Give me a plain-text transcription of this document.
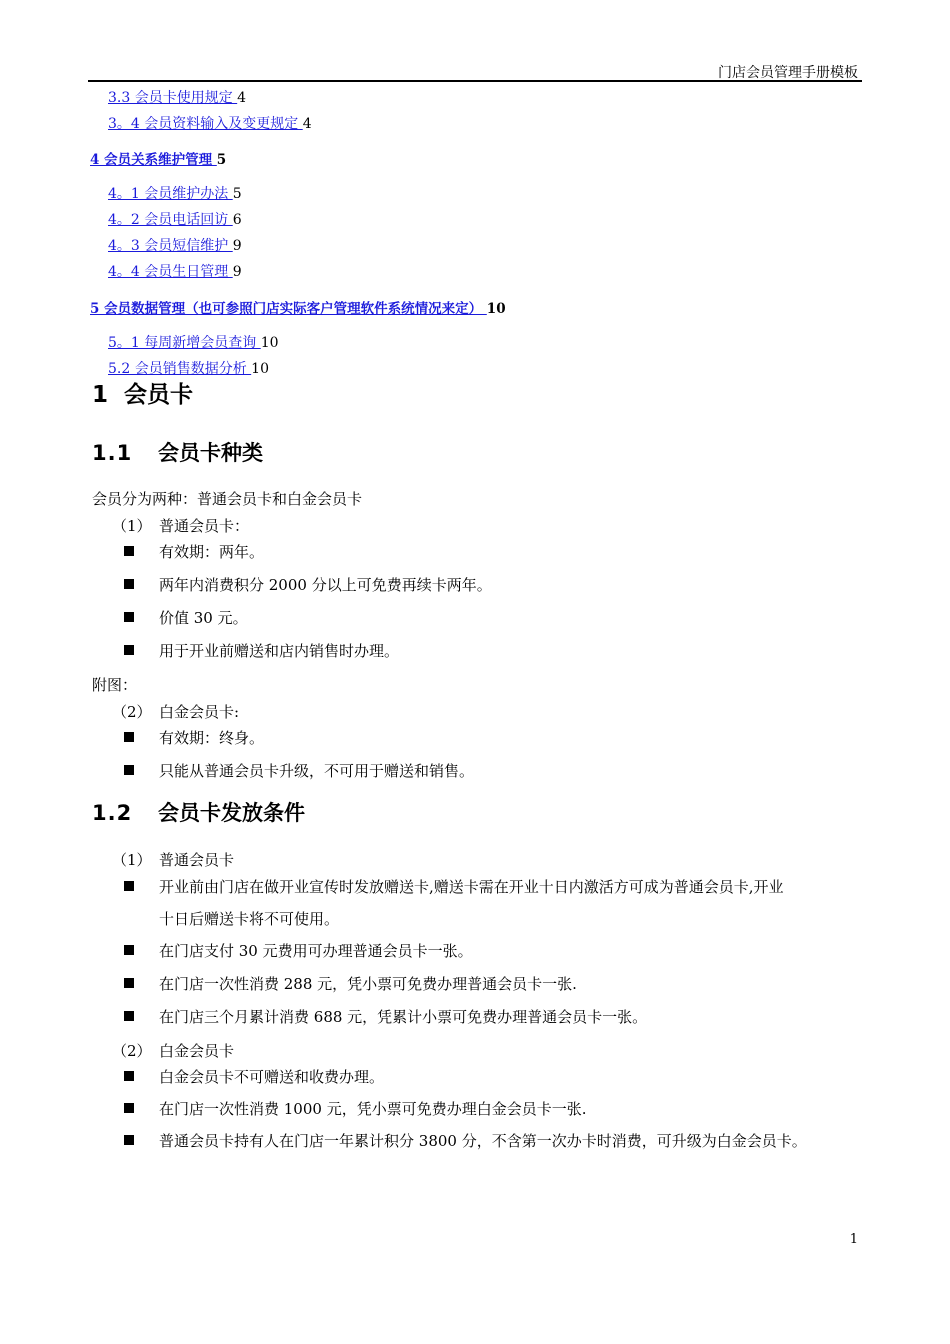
门店会员管理手册模板
3.3 会员卡使用规定 4
3。4 会员资料输入及变更规定 4
4 会员关系维护管理 5
4。1 会员维护办法 5
4。2 会员电话回访 6
4。3 会员短信维护 9
4。4 会员生日管理 9
5 会员数据管理（也可参照门店实际客户管理软件系统情况来定） 10
5。1 每周新增会员查询 10
5.2 会员销售数据分析 10
1 会员卡
1.1 会员卡种类
会员分为两种：普通会员卡和白金会员卡
（1） 普通会员卡：
有效期：两年。
两年内消费积分 2000 分以上可免费再续卡两年。
价值 30 元。
用于开业前赠送和店内销售时办理。
附图：
（2） 白金会员卡:
有效期：终身。
只能从普通会员卡升级，不可用于赠送和销售。
1.2 会员卡发放条件
（1） 普通会员卡
开业前由门店在做开业宣传时发放赠送卡,赠送卡需在开业十日内激活方可成为普通会员卡,开业
十日后赠送卡将不可使用。
在门店支付 30 元费用可办理普通会员卡一张。
在门店一次性消费 288 元，凭小票可免费办理普通会员卡一张.
在门店三个月累计消费 688 元，凭累计小票可免费办理普通会员卡一张。
（2） 白金会员卡
白金会员卡不可赠送和收费办理。
在门店一次性消费 1000 元，凭小票可免费办理白金会员卡一张.
普通会员卡持有人在门店一年累计积分 3800 分，不含第一次办卡时消费，可升级为白金会员卡。
1
